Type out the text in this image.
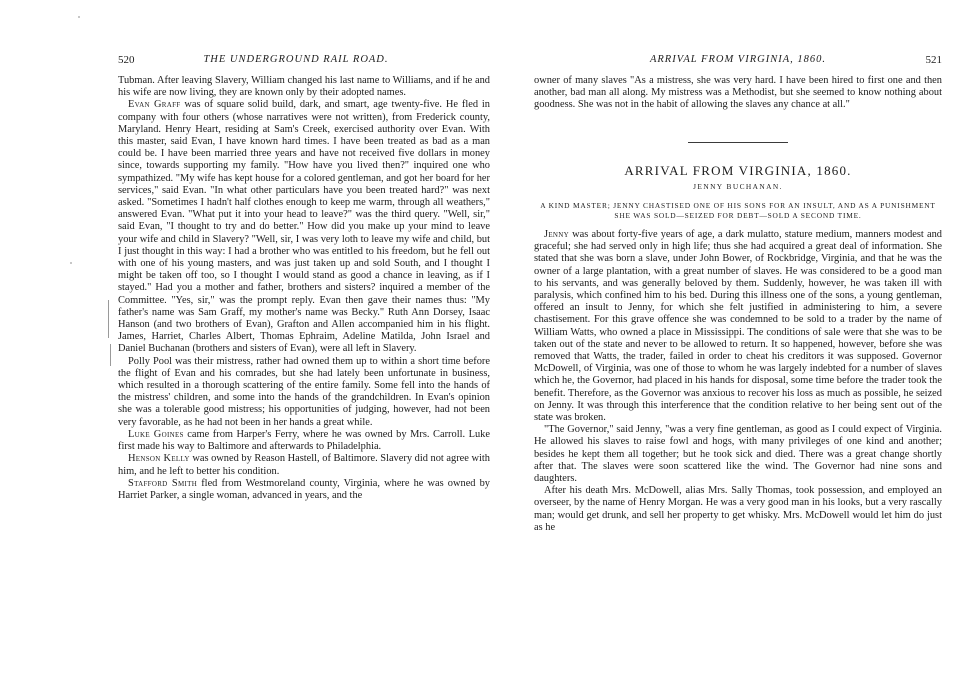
520	THE UNDERGROUND RAIL ROAD.

Tubman. After leaving Slavery, William changed his last name to Williams, and if he and his wife are now living, they are known only by their adopted names.

Evan Graff was of square solid build, dark, and smart, age twenty-five. He fled in company with four others (whose narratives were not written), from Frederick county, Maryland. Henry Heart, residing at Sam's Creek, exercised authority over Evan. With this master, said Evan, I have known hard times. I have been treated as bad as a man could be. I have been married three years and have not received five dollars in money since, towards supporting my family. "How have you lived then?" inquired one who sympathized. "My wife has kept house for a colored gentleman, and got her board for her services," said Evan. "In what other particulars have you been treated hard?" was next asked. "Sometimes I hadn't half clothes enough to keep me warm, through all weathers," answered Evan. "What put it into your head to leave?" was the third query. "Well, sir," said Evan, "I thought to try and do better." How did you make up your mind to leave your wife and child in Slavery? "Well, sir, I was very loth to leave my wife and child, but I just thought in this way: I had a brother who was entitled to his freedom, but he fell out with one of his young masters, and was just taken up and sold South, and I thought I might be taken off too, so I thought I would stand as good a chance in leaving, as if I stayed." Had you a mother and father, brothers and sisters? inquired a member of the Committee. "Yes, sir," was the prompt reply. Evan then gave their names thus: "My father's name was Sam Graff, my mother's name was Becky." Ruth Ann Dorsey, Isaac Hanson (and two brothers of Evan), Grafton and Allen accompanied him in his flight. James, Harriet, Charles Albert, Thomas Ephraim, Adeline Matilda, John Israel and Daniel Buchanan (brothers and sisters of Evan), were all left in Slavery.

Polly Pool was their mistress, rather had owned them up to within a short time before the flight of Evan and his comrades, but she had lately been unfortunate in business, which resulted in a thorough scattering of the entire family. Some fell into the hands of the mistress' children, and some into the hands of the grandchildren. In Evan's opinion she was a tolerable good mistress; his opportunities of judging, however, had not been very favorable, as he had not been in her hands a great while.

Luke Goines came from Harper's Ferry, where he was owned by Mrs. Carroll. Luke first made his way to Baltimore and afterwards to Philadelphia.

Henson Kelly was owned by Reason Hastell, of Baltimore. Slavery did not agree with him, and he left to better his condition.

Stafford Smith fled from Westmoreland county, Virginia, where he was owned by Harriet Parker, a single woman, advanced in years, and the

ARRIVAL FROM VIRGINIA, 1860.	521

owner of many slaves "As a mistress, she was very hard. I have been hired to first one and then another, bad man all along. My mistress was a Methodist, but she seemed to know nothing about goodness. She was not in the habit of allowing the slaves any chance at all."

ARRIVAL FROM VIRGINIA, 1860.
JENNY BUCHANAN.
A KIND MASTER; JENNY CHASTISED ONE OF HIS SONS FOR AN INSULT, AND AS A PUNISHMENT SHE WAS SOLD—SEIZED FOR DEBT—SOLD A SECOND TIME.

Jenny was about forty-five years of age, a dark mulatto, stature medium, manners modest and graceful; she had served only in high life; thus she had acquired a great deal of information. She stated that she was born a slave, under John Bower, of Rockbridge, Virginia, and that he was the owner of a large plantation, with a great number of slaves. He was considered to be a good man to his servants, and was generally beloved by them. Suddenly, however, he was taken ill with paralysis, which confined him to his bed. During this illness one of the sons, a young gentleman, offered an insult to Jenny, for which she felt justified in administering to him, a severe chastisement. For this grave offence she was condemned to be sold to a trader by the name of William Watts, who owned a place in Mississippi. The conditions of sale were that she was to be taken out of the state and never to be allowed to return. It so happened, however, before she was removed that Watts, the trader, failed in order to cheat his creditors it was supposed. Governor McDowell, of Virginia, was one of those to whom he was largely indebted for a number of slaves which he, the Governor, had placed in his hands for disposal, some time before the trader took the benefit. Therefore, as the Governor was anxious to recover his loss as much as possible, he seized on Jenny. It was through this interference that the condition relative to her being sent out of the state was broken.

"The Governor," said Jenny, "was a very fine gentleman, as good as I could expect of Virginia. He allowed his slaves to raise fowl and hogs, with many privileges of one kind and another; besides he kept them all together; but he took sick and died. There was a great change shortly after that. The slaves were soon scattered like the wind. The Governor had nine sons and daughters.

After his death Mrs. McDowell, alias Mrs. Sally Thomas, took possession, and employed an overseer, by the name of Henry Morgan. He was a very good man in his looks, but a very rascally man; would get drunk, and sell her property to get whisky. Mrs. McDowell would let him do just as he
